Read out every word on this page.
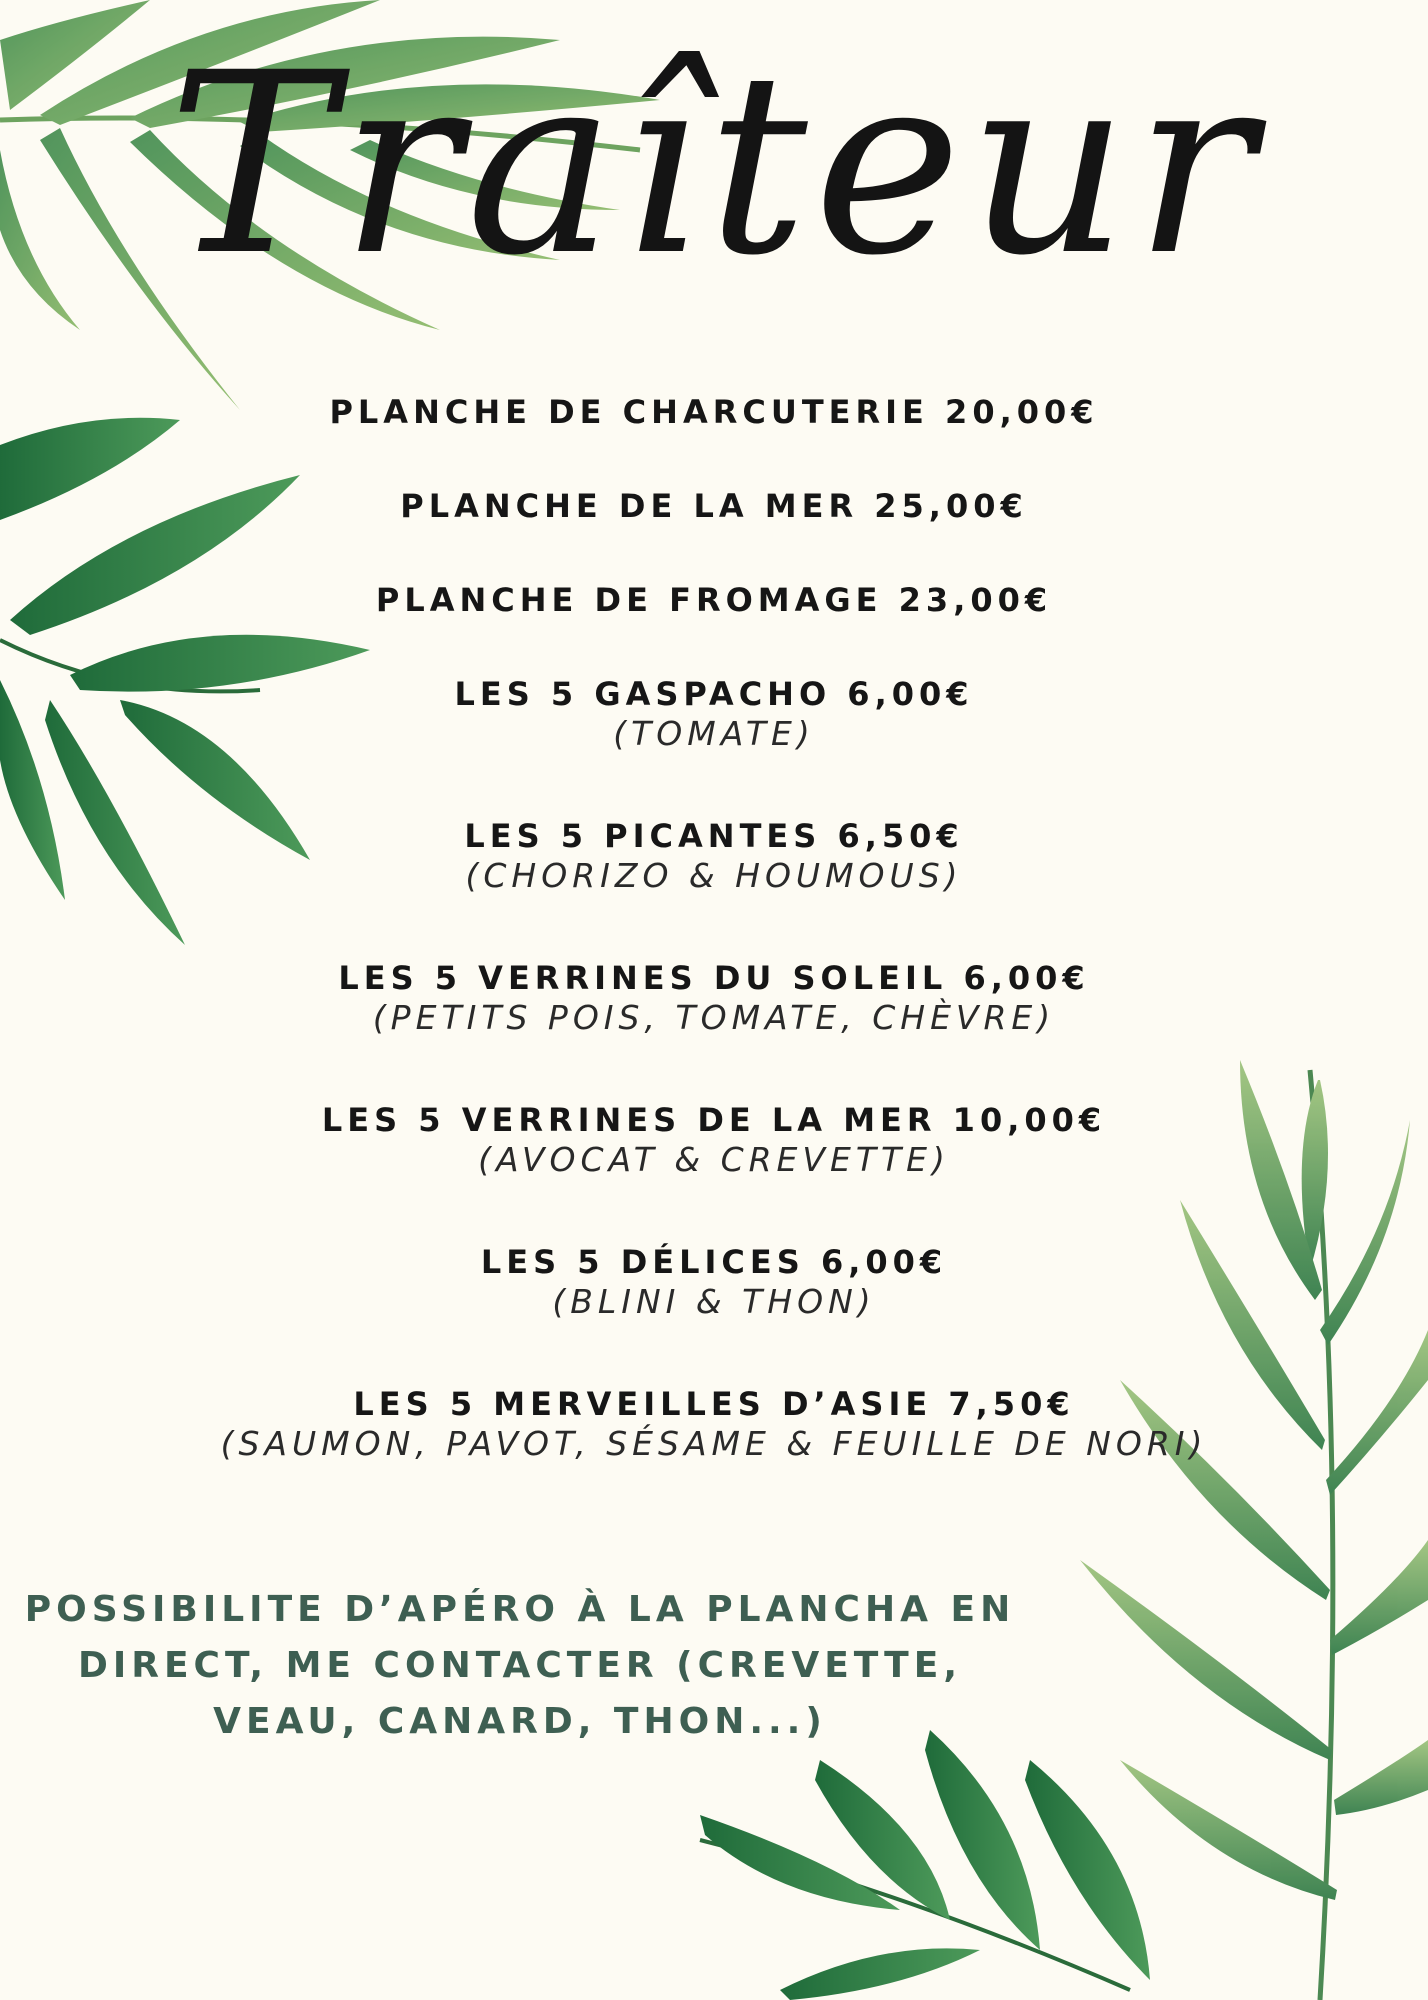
Traîteur
PLANCHE DE CHARCUTERIE 20,00€
PLANCHE DE LA MER 25,00€
PLANCHE DE FROMAGE 23,00€
LES 5 GASPACHO 6,00€
(TOMATE)
LES 5 PICANTES 6,50€
(CHORIZO & HOUMOUS)
LES 5 VERRINES DU SOLEIL 6,00€
(PETITS POIS, TOMATE, CHÈVRE)
LES 5 VERRINES DE LA MER 10,00€
(AVOCAT & CREVETTE)
LES 5 DÉLICES 6,00€
(BLINI & THON)
LES 5 MERVEILLES D’ASIE 7,50€
(SAUMON, PAVOT, SÉSAME & FEUILLE DE NORI)
POSSIBILITE D’APÉRO À LA PLANCHA EN
DIRECT, ME CONTACTER (CREVETTE,
VEAU, CANARD, THON...)
